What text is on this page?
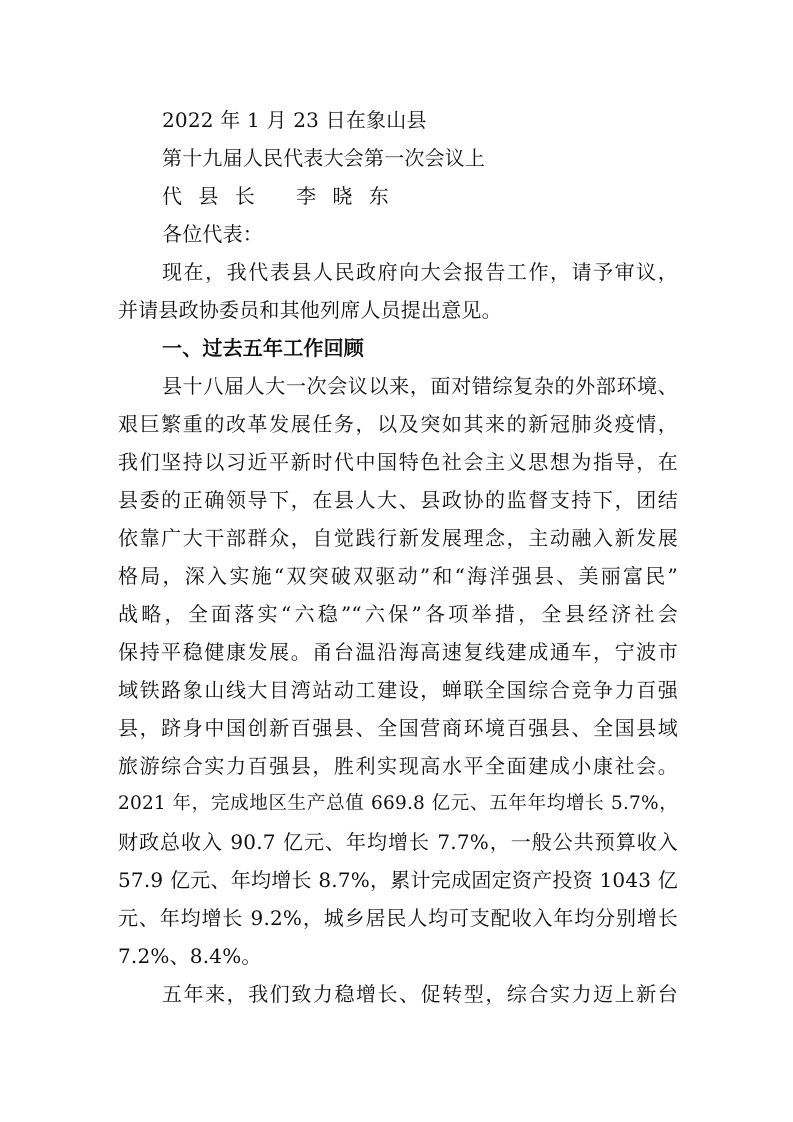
2022 年 1 月 23 日在象山县
第十九届人民代表大会第一次会议上
代 县 长　 李 晓 东
各位代表：
现在，我代表县人民政府向大会报告工作，请予审议，
并请县政协委员和其他列席人员提出意见。
一、过去五年工作回顾
县十八届人大一次会议以来，面对错综复杂的外部环境、
艰巨繁重的改革发展任务，以及突如其来的新冠肺炎疫情，
我们坚持以习近平新时代中国特色社会主义思想为指导，在
县委的正确领导下，在县人大、县政协的监督支持下，团结
依靠广大干部群众，自觉践行新发展理念，主动融入新发展
格局，深入实施“双突破双驱动”和“海洋强县、美丽富民”
战略，全面落实“六稳”“六保”各项举措，全县经济社会
保持平稳健康发展。甬台温沿海高速复线建成通车，宁波市
域铁路象山线大目湾站动工建设，蝉联全国综合竞争力百强
县，跻身中国创新百强县、全国营商环境百强县、全国县域
旅游综合实力百强县，胜利实现高水平全面建成小康社会。
2021 年，完成地区生产总值 669.8 亿元、五年年均增长 5.7%，
财政总收入 90.7 亿元、年均增长 7.7%，一般公共预算收入
57.9 亿元、年均增长 8.7%，累计完成固定资产投资 1043 亿
元、年均增长 9.2%，城乡居民人均可支配收入年均分别增长
7.2%、8.4%。
五年来，我们致力稳增长、促转型，综合实力迈上新台
